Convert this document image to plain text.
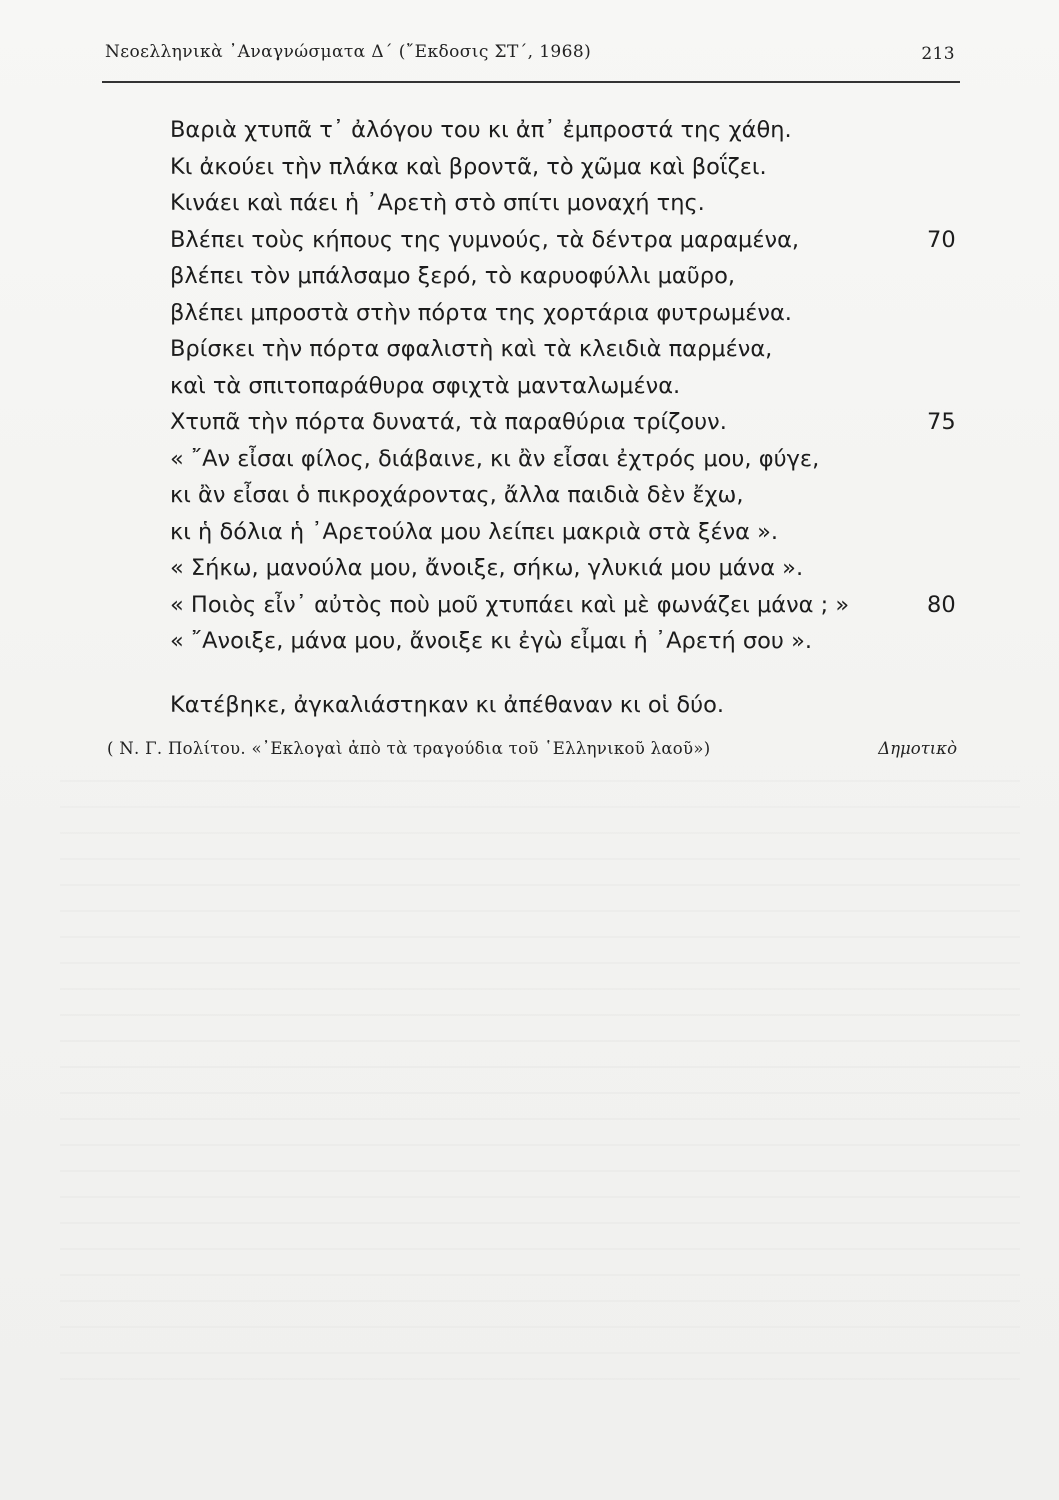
Νεοελληνικὰ ᾿Αναγνώσματα Δ΄ (῎Εκδοσις ΣΤ΄, 1968)	213
Βαριὰ χτυπᾶ τ᾿ ἀλόγου του κι ἀπ᾿ ἐμπροστά της χάθη.
Κι ἀκούει τὴν πλάκα καὶ βροντᾶ, τὸ χῶμα καὶ βοΐζει.
Κινάει καὶ πάει ἡ ᾿Αρετὴ στὸ σπίτι μοναχή της.
Βλέπει τοὺς κήπους της γυμνούς, τὰ δέντρα μαραμένα,	70
βλέπει τὸν μπάλσαμο ξερό, τὸ καρυοφύλλι μαῦρο,
βλέπει μπροστὰ στὴν πόρτα της χορτάρια φυτρωμένα.
Βρίσκει τὴν πόρτα σφαλιστὴ καὶ τὰ κλειδιὰ παρμένα,
καὶ τὰ σπιτοπαράθυρα σφιχτὰ μανταλωμένα.
Χτυπᾶ τὴν πόρτα δυνατά, τὰ παραθύρια τρίζουν.	75
« ῎Αν εἶσαι φίλος, διάβαινε, κι ἂν εἶσαι ἐχτρός μου, φύγε,
κι ἂν εἶσαι ὁ πικροχάροντας, ἄλλα παιδιὰ δὲν ἔχω,
κι ἡ δόλια ἡ ᾿Αρετούλα μου λείπει μακριὰ στὰ ξένα ».
« Σήκω, μανούλα μου, ἄνοιξε, σήκω, γλυκιά μου μάνα ».
« Ποιὸς εἶν᾿ αὐτὸς ποὺ μοῦ χτυπάει καὶ μὲ φωνάζει μάνα ; »	80
« ῎Ανοιξε, μάνα μου, ἄνοιξε κι ἐγὼ εἶμαι ἡ ᾿Αρετή σου ».
Κατέβηκε, ἀγκαλιάστηκαν κι ἀπέθαναν κι οἱ δύο.
( Ν. Γ. Πολίτου. «᾿Εκλογαὶ ἀπὸ τὰ τραγούδια τοῦ ῾Ελληνικοῦ λαοῦ»)	Δημοτικὸ
